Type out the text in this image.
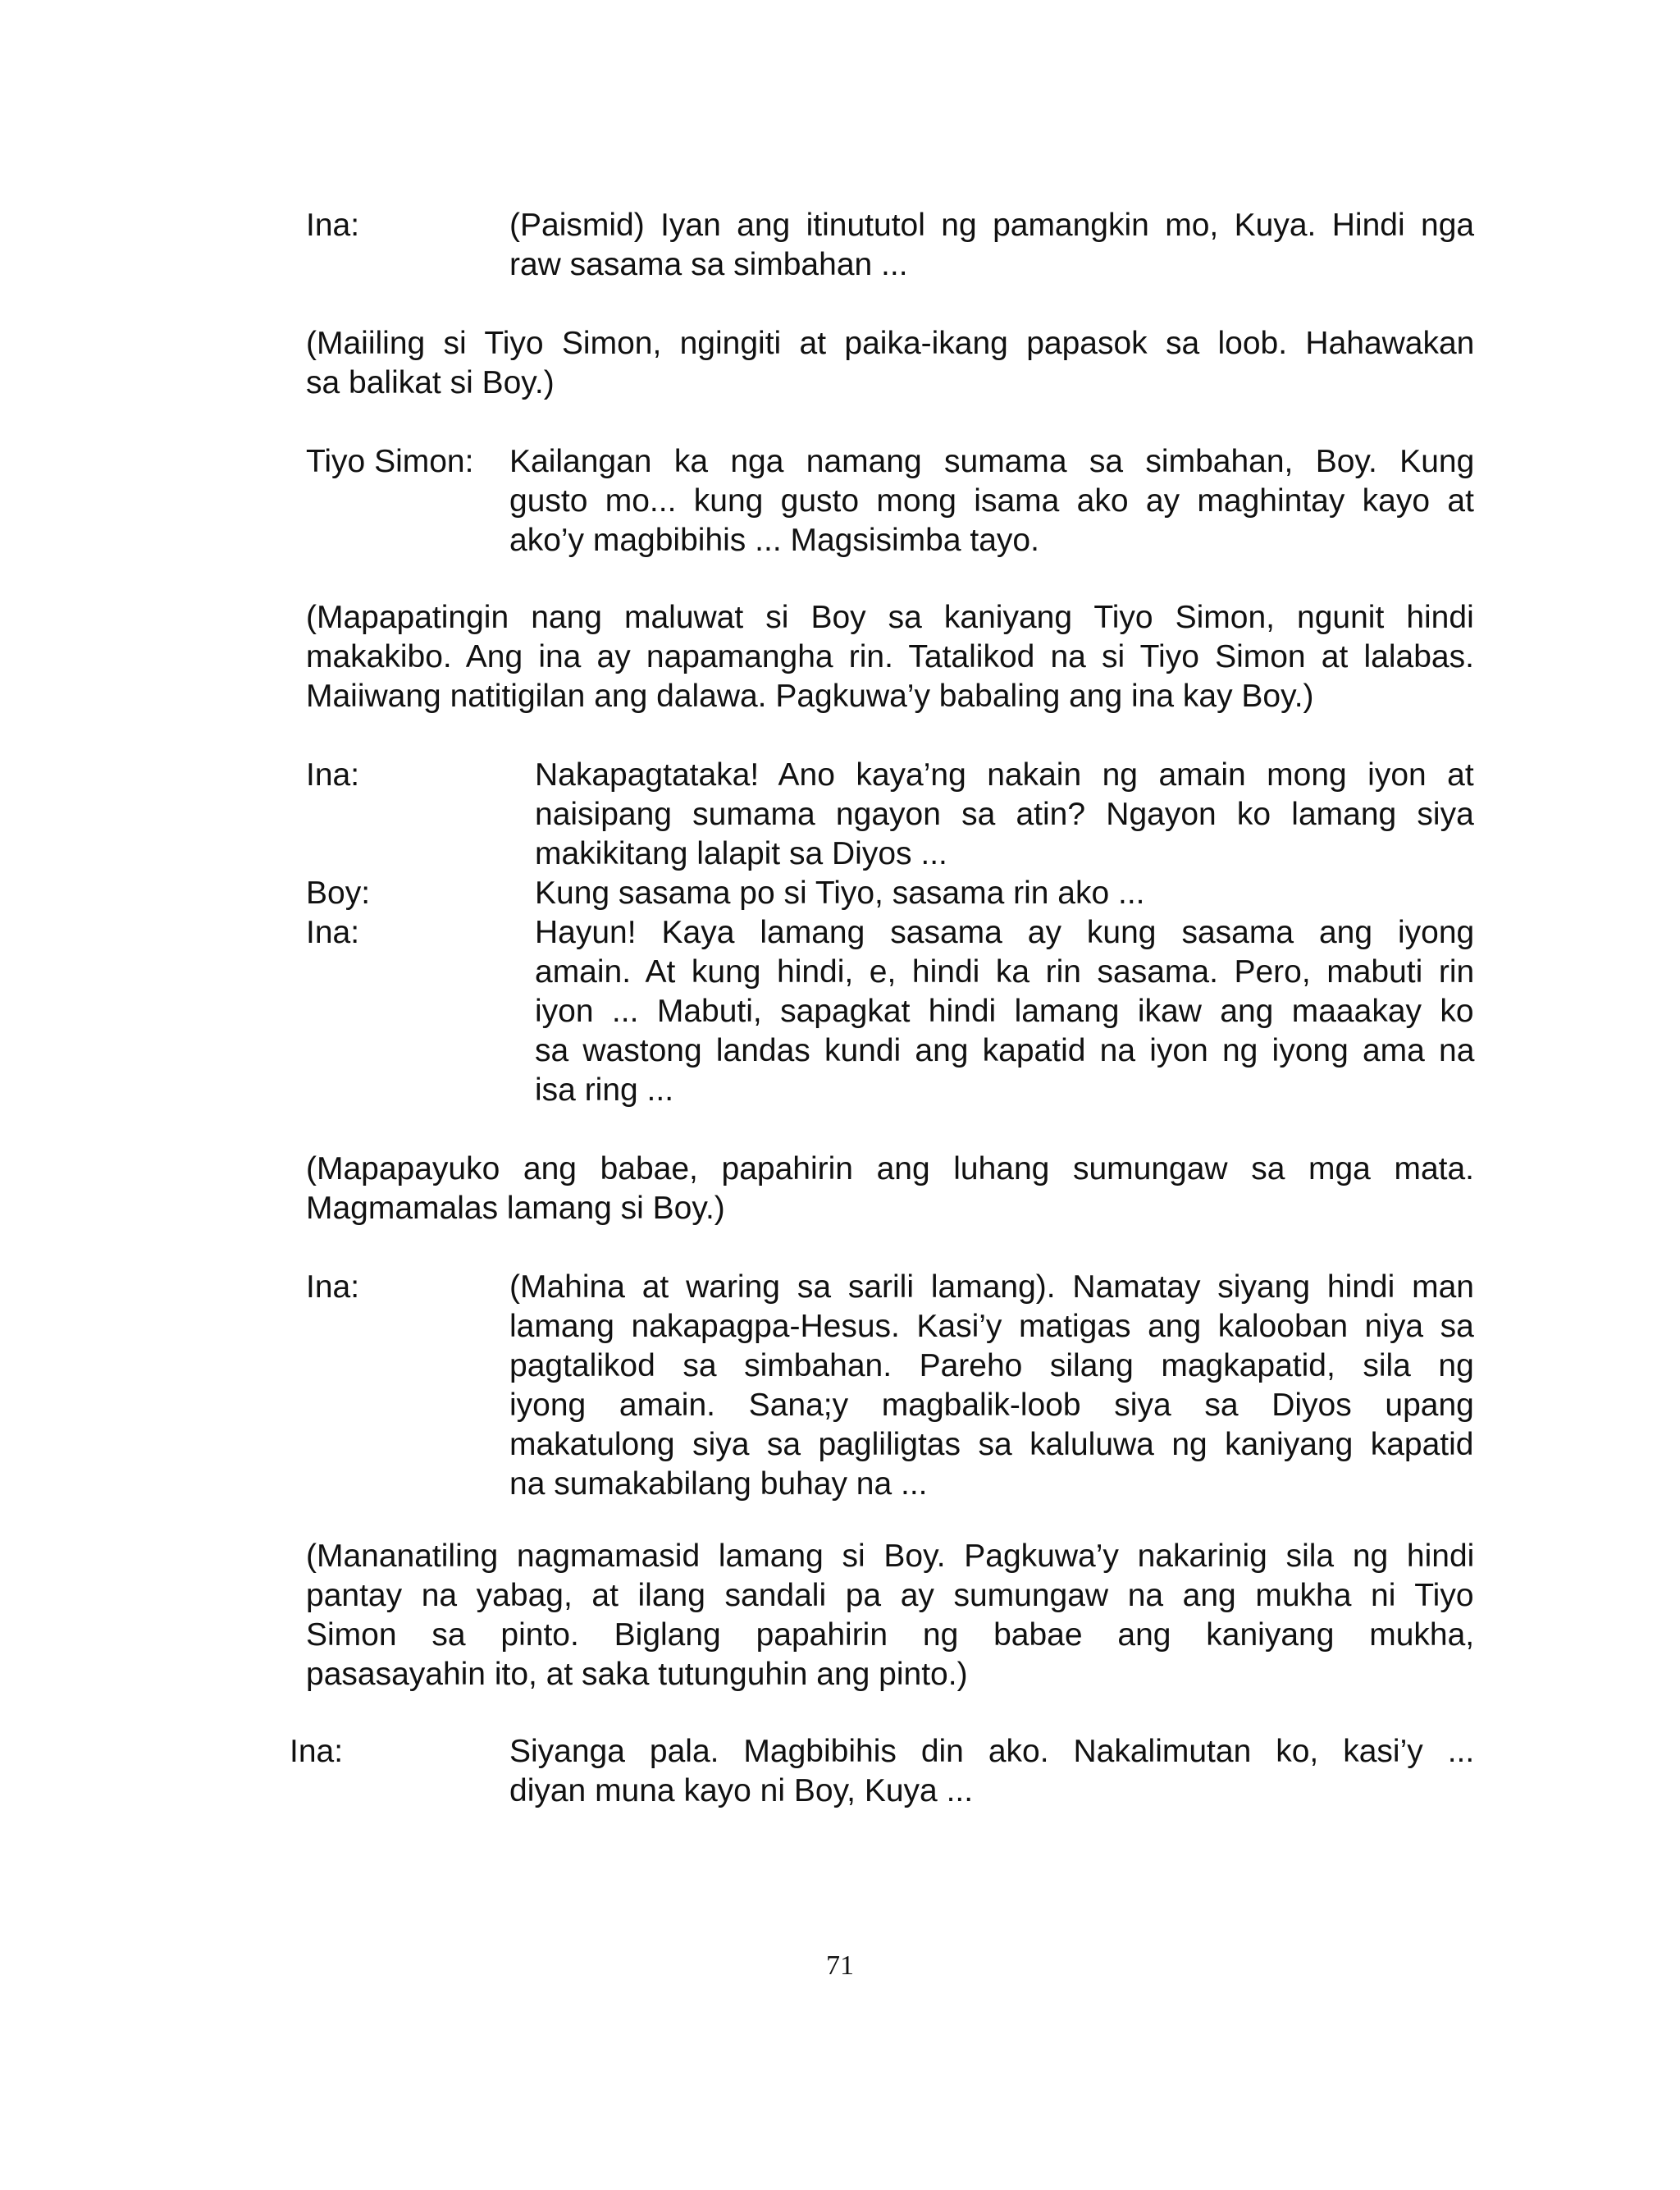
Ina:	(Paismid) Iyan ang itinututol ng pamangkin mo, Kuya. Hindi nga
raw sasama sa simbahan ...
(Maiiling si Tiyo Simon, ngingiti at paika-ikang papasok sa loob. Hahawakan
sa balikat si Boy.)
Tiyo Simon: Kailangan ka nga namang sumama sa simbahan, Boy. Kung
gusto mo... kung gusto mong isama ako ay maghintay kayo at
ako’y magbibihis ... Magsisimba tayo.
(Mapapatingin nang maluwat si Boy sa kaniyang Tiyo Simon, ngunit hindi
makakibo. Ang ina ay napamangha rin. Tatalikod na si Tiyo Simon at lalabas.
Maiiwang natitigilan ang dalawa. Pagkuwa’y babaling ang ina kay Boy.)
Ina:	Nakapagtataka! Ano kaya’ng nakain ng amain mong iyon at
naisipang sumama ngayon sa atin? Ngayon ko lamang siya
makikitang lalapit sa Diyos ...
Boy:	Kung sasama po si Tiyo, sasama rin ako ...
Ina:	Hayun! Kaya lamang sasama ay kung sasama ang iyong
amain. At kung hindi, e, hindi ka rin sasama. Pero, mabuti rin
iyon ... Mabuti, sapagkat hindi lamang ikaw ang maaakay ko
sa wastong landas kundi ang kapatid na iyon ng iyong ama na
isa ring ...
(Mapapayuko ang babae, papahirin ang luhang sumungaw sa mga mata.
Magmamalas lamang si Boy.)
Ina:	(Mahina at waring sa sarili lamang). Namatay siyang hindi man
lamang nakapagpa-Hesus. Kasi’y matigas ang kalooban niya sa
pagtalikod sa simbahan. Pareho silang magkapatid, sila ng
iyong amain. Sana;y magbalik-loob siya sa Diyos upang
makatulong siya sa pagliligtas sa kaluluwa ng kaniyang kapatid
na sumakabilang buhay na ...
(Mananatiling nagmamasid lamang si Boy. Pagkuwa’y nakarinig sila ng hindi
pantay na yabag, at ilang sandali pa ay sumungaw na ang mukha ni Tiyo
Simon sa pinto. Biglang papahirin ng babae ang kaniyang mukha,
pasasayahin ito, at saka tutunguhin ang pinto.)
Ina:	Siyanga pala. Magbibihis din ako. Nakalimutan ko, kasi’y ...
diyan muna kayo ni Boy, Kuya ...
71
